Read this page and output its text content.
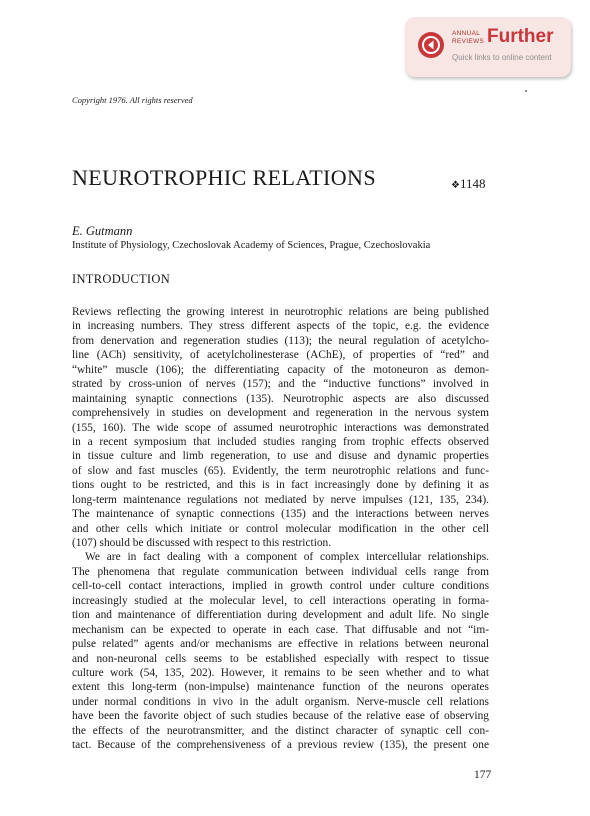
ANNUAL REVIEWS Further
Quick links to online content
Copyright 1976. All rights reserved
NEUROTROPHIC RELATIONS	❖1148
E. Gutmann
Institute of Physiology, Czechoslovak Academy of Sciences, Prague, Czechoslovakia
INTRODUCTION
Reviews reflecting the growing interest in neurotrophic relations are being published
in increasing numbers. They stress different aspects of the topic, e.g. the evidence
from denervation and regeneration studies (113); the neural regulation of acetylcho-
line (ACh) sensitivity, of acetylcholinesterase (AChE), of properties of “red” and
“white” muscle (106); the differentiating capacity of the motoneuron as demon-
strated by cross-union of nerves (157); and the “inductive functions” involved in
maintaining synaptic connections (135). Neurotrophic aspects are also discussed
comprehensively in studies on development and regeneration in the nervous system
(155, 160). The wide scope of assumed neurotrophic interactions was demonstrated
in a recent symposium that included studies ranging from trophic effects observed
in tissue culture and limb regeneration, to use and disuse and dynamic properties
of slow and fast muscles (65). Evidently, the term neurotrophic relations and func-
tions ought to be restricted, and this is in fact increasingly done by defining it as
long-term maintenance regulations not mediated by nerve impulses (121, 135, 234).
The maintenance of synaptic connections (135) and the interactions between nerves
and other cells which initiate or control molecular modification in the other cell
(107) should be discussed with respect to this restriction.
We are in fact dealing with a component of complex intercellular relationships.
The phenomena that regulate communication between individual cells range from
cell-to-cell contact interactions, implied in growth control under culture conditions
increasingly studied at the molecular level, to cell interactions operating in forma-
tion and maintenance of differentiation during development and adult life. No single
mechanism can be expected to operate in each case. That diffusable and not “im-
pulse related” agents and/or mechanisms are effective in relations between neuronal
and non-neuronal cells seems to be established especially with respect to tissue
culture work (54, 135, 202). However, it remains to be seen whether and to what
extent this long-term (non-impulse) maintenance function of the neurons operates
under normal conditions in vivo in the adult organism. Nerve-muscle cell relations
have been the favorite object of such studies because of the relative ease of observing
the effects of the neurotransmitter, and the distinct character of synaptic cell con-
tact. Because of the comprehensiveness of a previous review (135), the present one
177
